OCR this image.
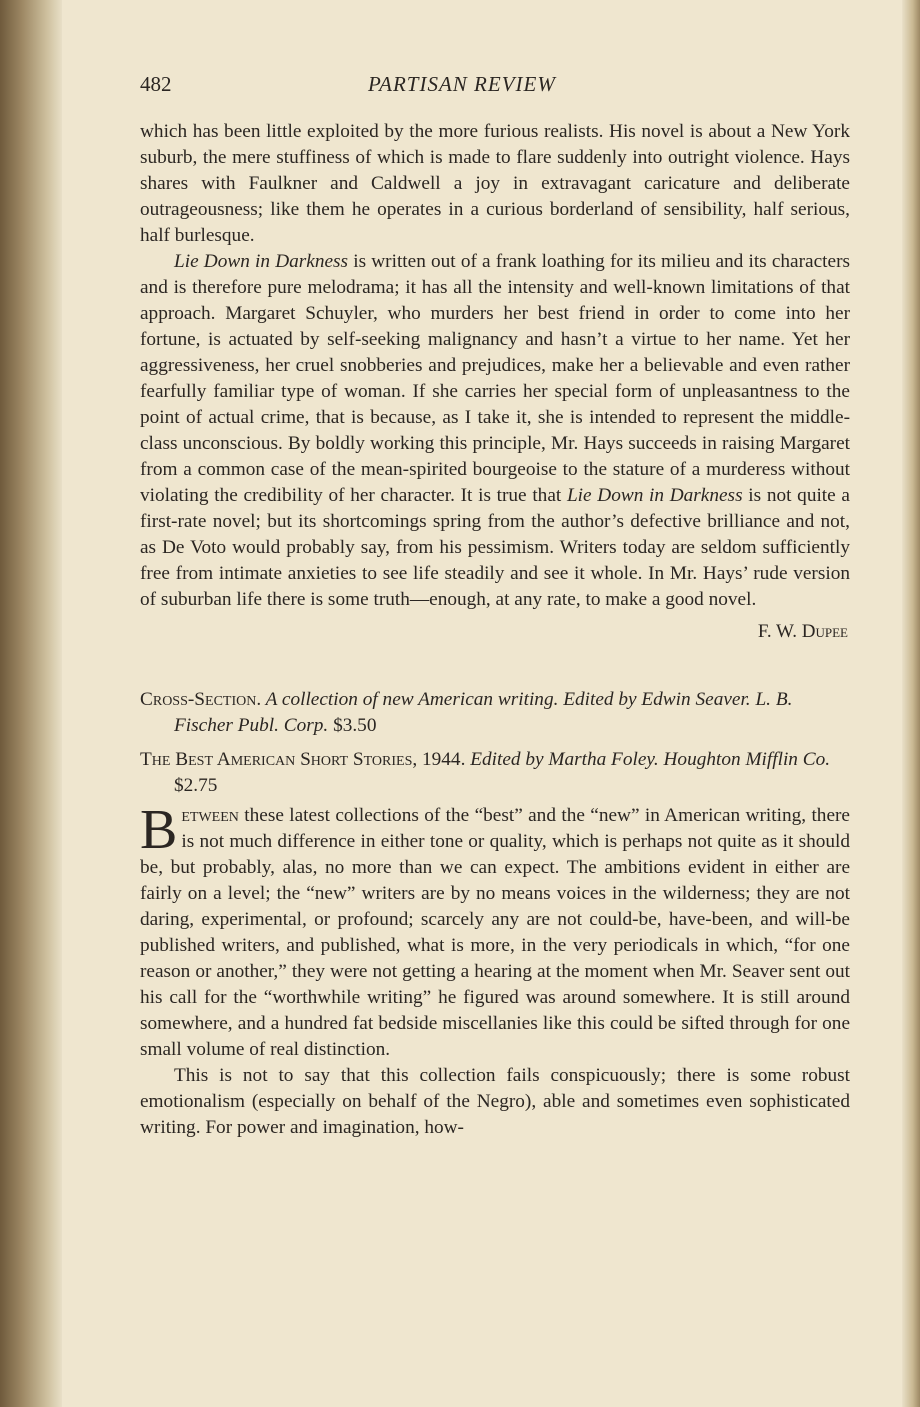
482	PARTISAN REVIEW

which has been little exploited by the more furious realists. His novel is about a New York suburb, the mere stuffiness of which is made to flare suddenly into outright violence. Hays shares with Faulkner and Caldwell a joy in extravagant caricature and deliberate outrageousness; like them he operates in a curious borderland of sensibility, half serious, half burlesque.

Lie Down in Darkness is written out of a frank loathing for its milieu and its characters and is therefore pure melodrama; it has all the intensity and well-known limitations of that approach. Margaret Schuyler, who murders her best friend in order to come into her fortune, is actuated by self-seeking malignancy and hasn’t a virtue to her name. Yet her aggressiveness, her cruel snobberies and prejudices, make her a believable and even rather fearfully familiar type of woman. If she carries her special form of unpleasantness to the point of actual crime, that is because, as I take it, she is intended to represent the middle-class unconscious. By boldly working this principle, Mr. Hays succeeds in raising Margaret from a common case of the mean-spirited bourgeoise to the stature of a murderess without violating the credibility of her character. It is true that Lie Down in Darkness is not quite a first-rate novel; but its shortcomings spring from the author’s defective brilliance and not, as De Voto would probably say, from his pessimism. Writers today are seldom sufficiently free from intimate anxieties to see life steadily and see it whole. In Mr. Hays’ rude version of suburban life there is some truth—enough, at any rate, to make a good novel.

F. W. Dupee

Cross-Section. A collection of new American writing. Edited by Edwin Seaver. L. B. Fischer Publ. Corp. $3.50

The Best American Short Stories, 1944. Edited by Martha Foley. Houghton Mifflin Co. $2.75

Between these latest collections of the “best” and the “new” in American writing, there is not much difference in either tone or quality, which is perhaps not quite as it should be, but probably, alas, no more than we can expect. The ambitions evident in either are fairly on a level; the “new” writers are by no means voices in the wilderness; they are not daring, experimental, or profound; scarcely any are not could-be, have-been, and will-be published writers, and published, what is more, in the very periodicals in which, “for one reason or another,” they were not getting a hearing at the moment when Mr. Seaver sent out his call for the “worthwhile writing” he figured was around somewhere. It is still around somewhere, and a hundred fat bedside miscellanies like this could be sifted through for one small volume of real distinction.

This is not to say that this collection fails conspicuously; there is some robust emotionalism (especially on behalf of the Negro), able and sometimes even sophisticated writing. For power and imagination, how-
